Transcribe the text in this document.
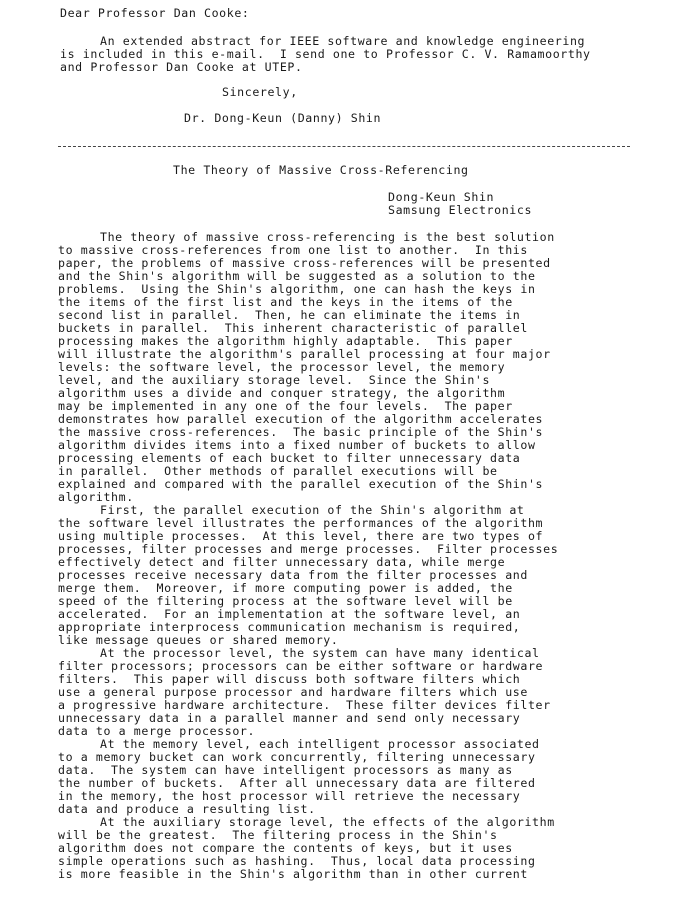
Dear Professor Dan Cooke:
An extended abstract for IEEE software and knowledge engineering
is included in this e-mail.  I send one to Professor C. V. Ramamoorthy
and Professor Dan Cooke at UTEP.
Sincerely,
Dr. Dong-Keun (Danny) Shin
The Theory of Massive Cross-Referencing
Dong-Keun Shin
Samsung Electronics
The theory of massive cross-referencing is the best solution
to massive cross-references from one list to another.  In this
paper, the problems of massive cross-references will be presented
and the Shin's algorithm will be suggested as a solution to the
problems.  Using the Shin's algorithm, one can hash the keys in
the items of the first list and the keys in the items of the
second list in parallel.  Then, he can eliminate the items in
buckets in parallel.  This inherent characteristic of parallel
processing makes the algorithm highly adaptable.  This paper
will illustrate the algorithm's parallel processing at four major
levels: the software level, the processor level, the memory
level, and the auxiliary storage level.  Since the Shin's
algorithm uses a divide and conquer strategy, the algorithm
may be implemented in any one of the four levels.  The paper
demonstrates how parallel execution of the algorithm accelerates
the massive cross-references.  The basic principle of the Shin's
algorithm divides items into a fixed number of buckets to allow
processing elements of each bucket to filter unnecessary data
in parallel.  Other methods of parallel executions will be
explained and compared with the parallel execution of the Shin's
algorithm.
First, the parallel execution of the Shin's algorithm at
the software level illustrates the performances of the algorithm
using multiple processes.  At this level, there are two types of
processes, filter processes and merge processes.  Filter processes
effectively detect and filter unnecessary data, while merge
processes receive necessary data from the filter processes and
merge them.  Moreover, if more computing power is added, the
speed of the filtering process at the software level will be
accelerated.  For an implementation at the software level, an
appropriate interprocess communication mechanism is required,
like message queues or shared memory.
At the processor level, the system can have many identical
filter processors; processors can be either software or hardware
filters.  This paper will discuss both software filters which
use a general purpose processor and hardware filters which use
a progressive hardware architecture.  These filter devices filter
unnecessary data in a parallel manner and send only necessary
data to a merge processor.
At the memory level, each intelligent processor associated
to a memory bucket can work concurrently, filtering unnecessary
data.  The system can have intelligent processors as many as
the number of buckets.  After all unnecessary data are filtered
in the memory, the host processor will retrieve the necessary
data and produce a resulting list.
At the auxiliary storage level, the effects of the algorithm
will be the greatest.  The filtering process in the Shin's
algorithm does not compare the contents of keys, but it uses
simple operations such as hashing.  Thus, local data processing
is more feasible in the Shin's algorithm than in other current
